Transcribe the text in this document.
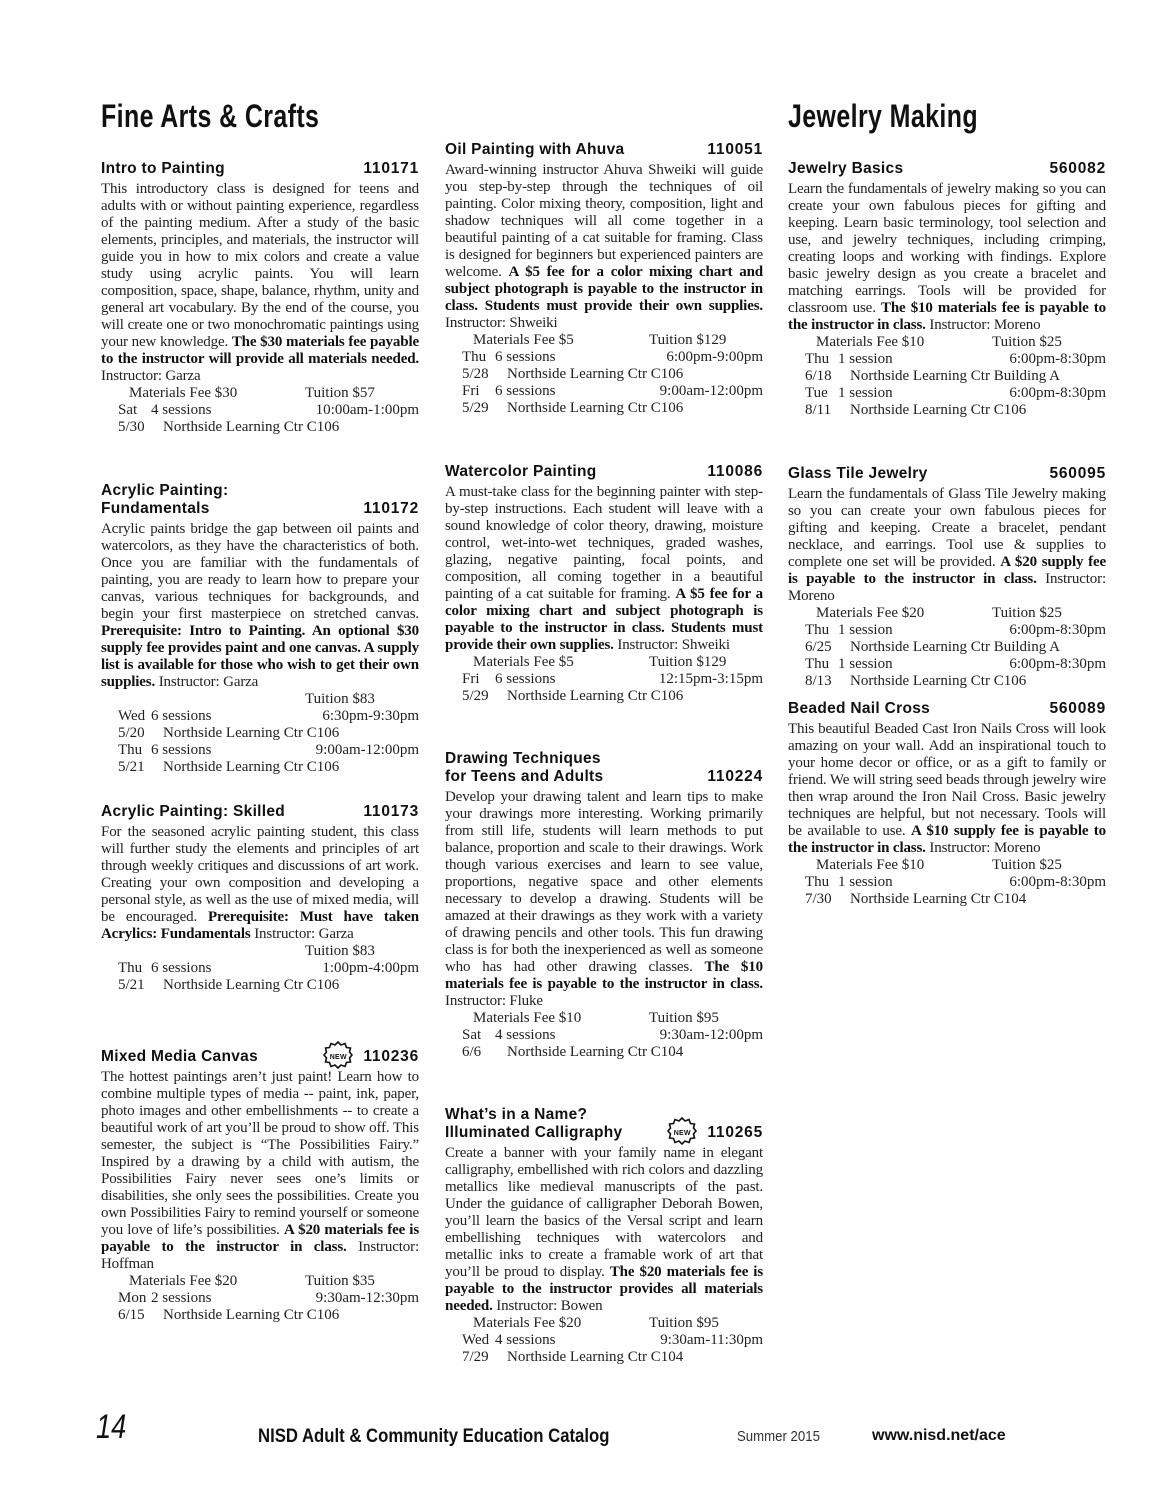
Fine Arts & Crafts	Jewelry Making
Intro to Painting	110171
This introductory class is designed for teens and adults with or without painting experience, regardless of the painting medium. After a study of the basic elements, principles, and materials, the instructor will guide you in how to mix colors and create a value study using acrylic paints. You will learn composition, space, shape, balance, rhythm, unity and general art vocabulary. By the end of the course, you will create one or two monochromatic paintings using your new knowledge. The $30 materials fee payable to the instructor will provide all materials needed. Instructor: Garza
Materials Fee $30	Tuition $57
Sat 4 sessions	10:00am-1:00pm
5/30	Northside Learning Ctr C106
Acrylic Painting:
Fundamentals	110172
Acrylic paints bridge the gap between oil paints and watercolors, as they have the characteristics of both. Once you are familiar with the fundamentals of painting, you are ready to learn how to prepare your canvas, various techniques for backgrounds, and begin your first masterpiece on stretched canvas. Prerequisite: Intro to Painting. An optional $30 supply fee provides paint and one canvas. A supply list is available for those who wish to get their own supplies. Instructor: Garza
Tuition $83
Wed 6 sessions	6:30pm-9:30pm
5/20	Northside Learning Ctr C106
Thu 6 sessions	9:00am-12:00pm
5/21	Northside Learning Ctr C106
Acrylic Painting: Skilled	110173
For the seasoned acrylic painting student, this class will further study the elements and principles of art through weekly critiques and discussions of art work. Creating your own composition and developing a personal style, as well as the use of mixed media, will be encouraged. Prerequisite: Must have taken Acrylics: Fundamentals Instructor: Garza
Tuition $83
Thu 6 sessions	1:00pm-4:00pm
5/21	Northside Learning Ctr C106
Mixed Media Canvas	NEW	110236
The hottest paintings aren’t just paint! Learn how to combine multiple types of media -- paint, ink, paper, photo images and other embellishments -- to create a beautiful work of art you’ll be proud to show off. This semester, the subject is “The Possibilities Fairy.” Inspired by a drawing by a child with autism, the Possibilities Fairy never sees one’s limits or disabilities, she only sees the possibilities. Create you own Possibilities Fairy to remind yourself or someone you love of life’s possibilities. A $20 materials fee is payable to the instructor in class. Instructor: Hoffman
Materials Fee $20	Tuition $35
Mon 2 sessions	9:30am-12:30pm
6/15	Northside Learning Ctr C106
Oil Painting with Ahuva	110051
Award-winning instructor Ahuva Shweiki will guide you step-by-step through the techniques of oil painting. Color mixing theory, composition, light and shadow techniques will all come together in a beautiful painting of a cat suitable for framing. Class is designed for beginners but experienced painters are welcome. A $5 fee for a color mixing chart and subject photograph is payable to the instructor in class. Students must provide their own supplies. Instructor: Shweiki
Materials Fee $5	Tuition $129
Thu 6 sessions	6:00pm-9:00pm
5/28	Northside Learning Ctr C106
Fri	6 sessions	9:00am-12:00pm
5/29	Northside Learning Ctr C106
Watercolor Painting	110086
A must-take class for the beginning painter with step-by-step instructions. Each student will leave with a sound knowledge of color theory, drawing, moisture control, wet-into-wet techniques, graded washes, glazing, negative painting, focal points, and composition, all coming together in a beautiful painting of a cat suitable for framing. A $5 fee for a color mixing chart and subject photograph is payable to the instructor in class. Students must provide their own supplies. Instructor: Shweiki
Materials Fee $5	Tuition $129
Fri	6 sessions	12:15pm-3:15pm
5/29	Northside Learning Ctr C106
Drawing Techniques
for Teens and Adults	110224
Develop your drawing talent and learn tips to make your drawings more interesting. Working primarily from still life, students will learn methods to put balance, proportion and scale to their drawings. Work though various exercises and learn to see value, proportions, negative space and other elements necessary to develop a drawing. Students will be amazed at their drawings as they work with a variety of drawing pencils and other tools. This fun drawing class is for both the inexperienced as well as someone who has had other drawing classes. The $10 materials fee is payable to the instructor in class. Instructor: Fluke
Materials Fee $10	Tuition $95
Sat 4 sessions	9:30am-12:00pm
6/6	Northside Learning Ctr C104
What’s in a Name?
Illuminated Calligraphy	NEW	110265
Create a banner with your family name in elegant calligraphy, embellished with rich colors and dazzling metallics like medieval manuscripts of the past. Under the guidance of calligrapher Deborah Bowen, you’ll learn the basics of the Versal script and learn embellishing techniques with watercolors and metallic inks to create a framable work of art that you’ll be proud to display. The $20 materials fee is payable to the instructor provides all materials needed. Instructor: Bowen
Materials Fee $20	Tuition $95
Wed 4 sessions	9:30am-11:30pm
7/29	Northside Learning Ctr C104
Jewelry Basics	560082
Learn the fundamentals of jewelry making so you can create your own fabulous pieces for gifting and keeping. Learn basic terminology, tool selection and use, and jewelry techniques, including crimping, creating loops and working with findings. Explore basic jewelry design as you create a bracelet and matching earrings. Tools will be provided for classroom use. The $10 materials fee is payable to the instructor in class. Instructor: Moreno
Materials Fee $10	Tuition $25
Thu 1 session	6:00pm-8:30pm
6/18	Northside Learning Ctr Building A
Tue 1 session	6:00pm-8:30pm
8/11	Northside Learning Ctr C106
Glass Tile Jewelry	560095
Learn the fundamentals of Glass Tile Jewelry making so you can create your own fabulous pieces for gifting and keeping. Create a bracelet, pendant necklace, and earrings. Tool use & supplies to complete one set will be provided. A $20 supply fee is payable to the instructor in class. Instructor: Moreno
Materials Fee $20	Tuition $25
Thu 1 session	6:00pm-8:30pm
6/25	Northside Learning Ctr Building A
Thu 1 session	6:00pm-8:30pm
8/13	Northside Learning Ctr C106
Beaded Nail Cross	560089
This beautiful Beaded Cast Iron Nails Cross will look amazing on your wall. Add an inspirational touch to your home decor or office, or as a gift to family or friend. We will string seed beads through jewelry wire then wrap around the Iron Nail Cross. Basic jewelry techniques are helpful, but not necessary. Tools will be available to use. A $10 supply fee is payable to the instructor in class. Instructor: Moreno
Materials Fee $10	Tuition $25
Thu 1 session	6:00pm-8:30pm
7/30	Northside Learning Ctr C104
14	NISD Adult & Community Education Catalog	Summer 2015	www.nisd.net/ace
